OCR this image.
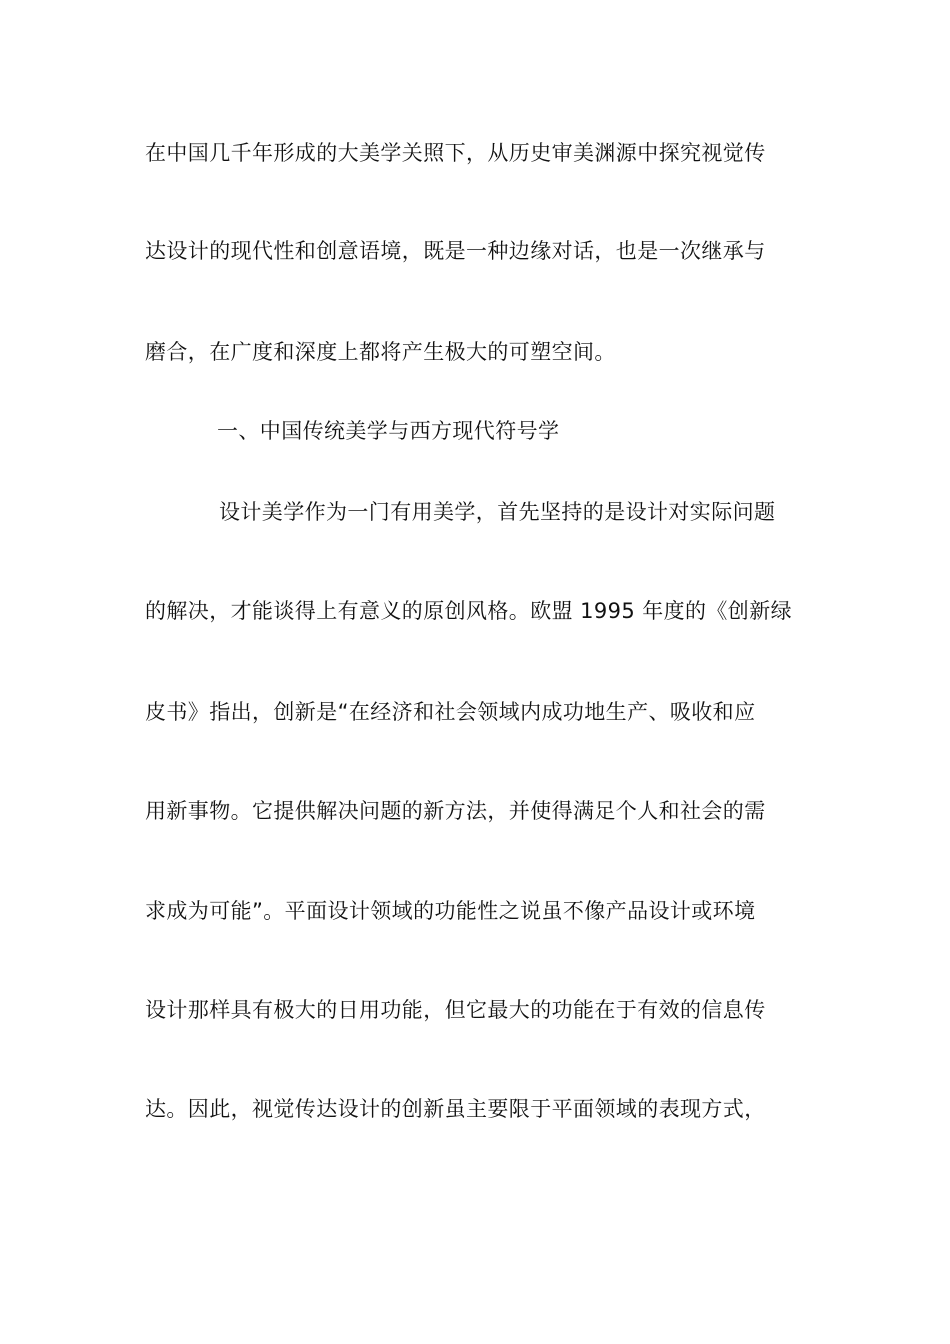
在中国几千年形成的大美学关照下，从历史审美渊源中探究视觉传
达设计的现代性和创意语境，既是一种边缘对话，也是一次继承与
磨合，在广度和深度上都将产生极大的可塑空间。
一、中国传统美学与西方现代符号学
设计美学作为一门有用美学，首先坚持的是设计对实际问题
的解决，才能谈得上有意义的原创风格。欧盟 1995 年度的《创新绿
皮书》指出，创新是“在经济和社会领域内成功地生产、吸收和应
用新事物。它提供解决问题的新方法，并使得满足个人和社会的需
求成为可能”。平面设计领域的功能性之说虽不像产品设计或环境
设计那样具有极大的日用功能，但它最大的功能在于有效的信息传
达。因此，视觉传达设计的创新虽主要限于平面领域的表现方式，
